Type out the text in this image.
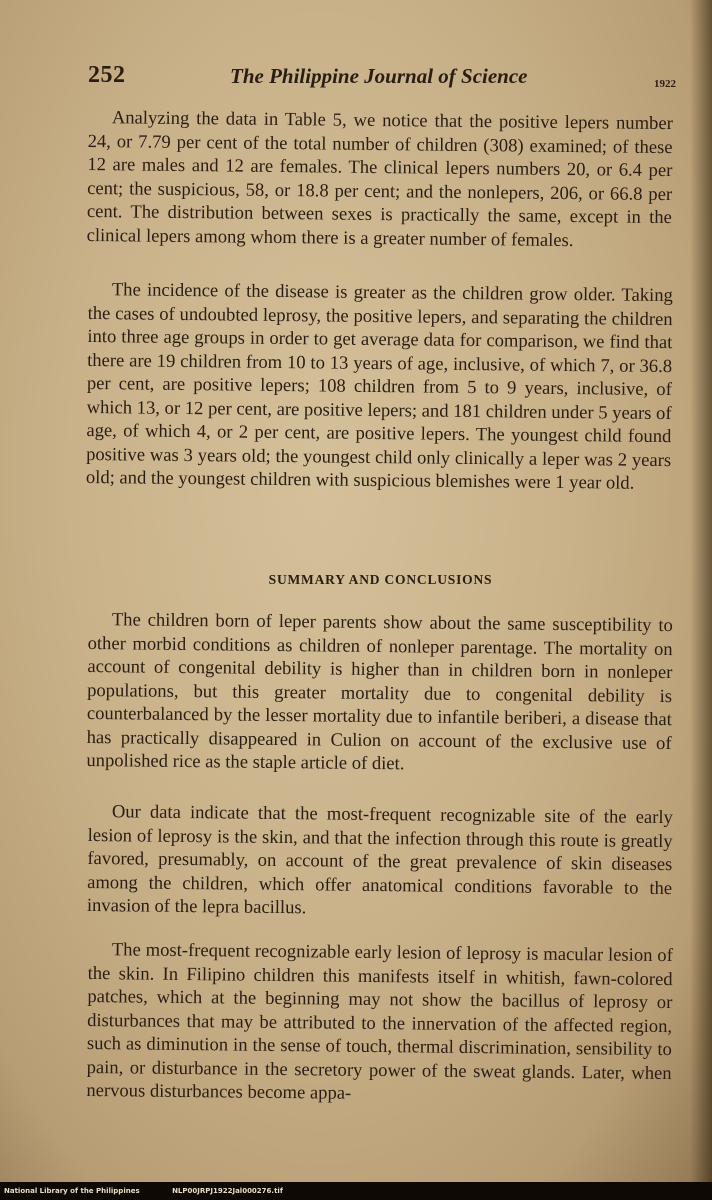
252	The Philippine Journal of Science	1922

Analyzing the data in Table 5, we notice that the positive lepers number 24, or 7.79 per cent of the total number of children (308) examined; of these 12 are males and 12 are females. The clinical lepers numbers 20, or 6.4 per cent; the suspicious, 58, or 18.8 per cent; and the nonlepers, 206, or 66.8 per cent. The distribution between sexes is practically the same, except in the clinical lepers among whom there is a greater number of females.

The incidence of the disease is greater as the children grow older. Taking the cases of undoubted leprosy, the positive lepers, and separating the children into three age groups in order to get average data for comparison, we find that there are 19 children from 10 to 13 years of age, inclusive, of which 7, or 36.8 per cent, are positive lepers; 108 children from 5 to 9 years, inclusive, of which 13, or 12 per cent, are positive lepers; and 181 children under 5 years of age, of which 4, or 2 per cent, are positive lepers. The youngest child found positive was 3 years old; the youngest child only clinically a leper was 2 years old; and the youngest children with suspicious blemishes were 1 year old.

SUMMARY AND CONCLUSIONS

The children born of leper parents show about the same susceptibility to other morbid conditions as children of nonleper parentage. The mortality on account of congenital debility is higher than in children born in nonleper populations, but this greater mortality due to congenital debility is counterbalanced by the lesser mortality due to infantile beriberi, a disease that has practically disappeared in Culion on account of the exclusive use of unpolished rice as the staple article of diet.

Our data indicate that the most-frequent recognizable site of the early lesion of leprosy is the skin, and that the infection through this route is greatly favored, presumably, on account of the great prevalence of skin diseases among the children, which offer anatomical conditions favorable to the invasion of the lepra bacillus.

The most-frequent recognizable early lesion of leprosy is macular lesion of the skin. In Filipino children this manifests itself in whitish, fawn-colored patches, which at the beginning may not show the bacillus of leprosy or disturbances that may be attributed to the innervation of the affected region, such as diminution in the sense of touch, thermal discrimination, sensibility to pain, or disturbance in the secretory power of the sweat glands. Later, when nervous disturbances become appa-

National Library of the Philippines	NLP00JRPJ1922Jal000276.tif
